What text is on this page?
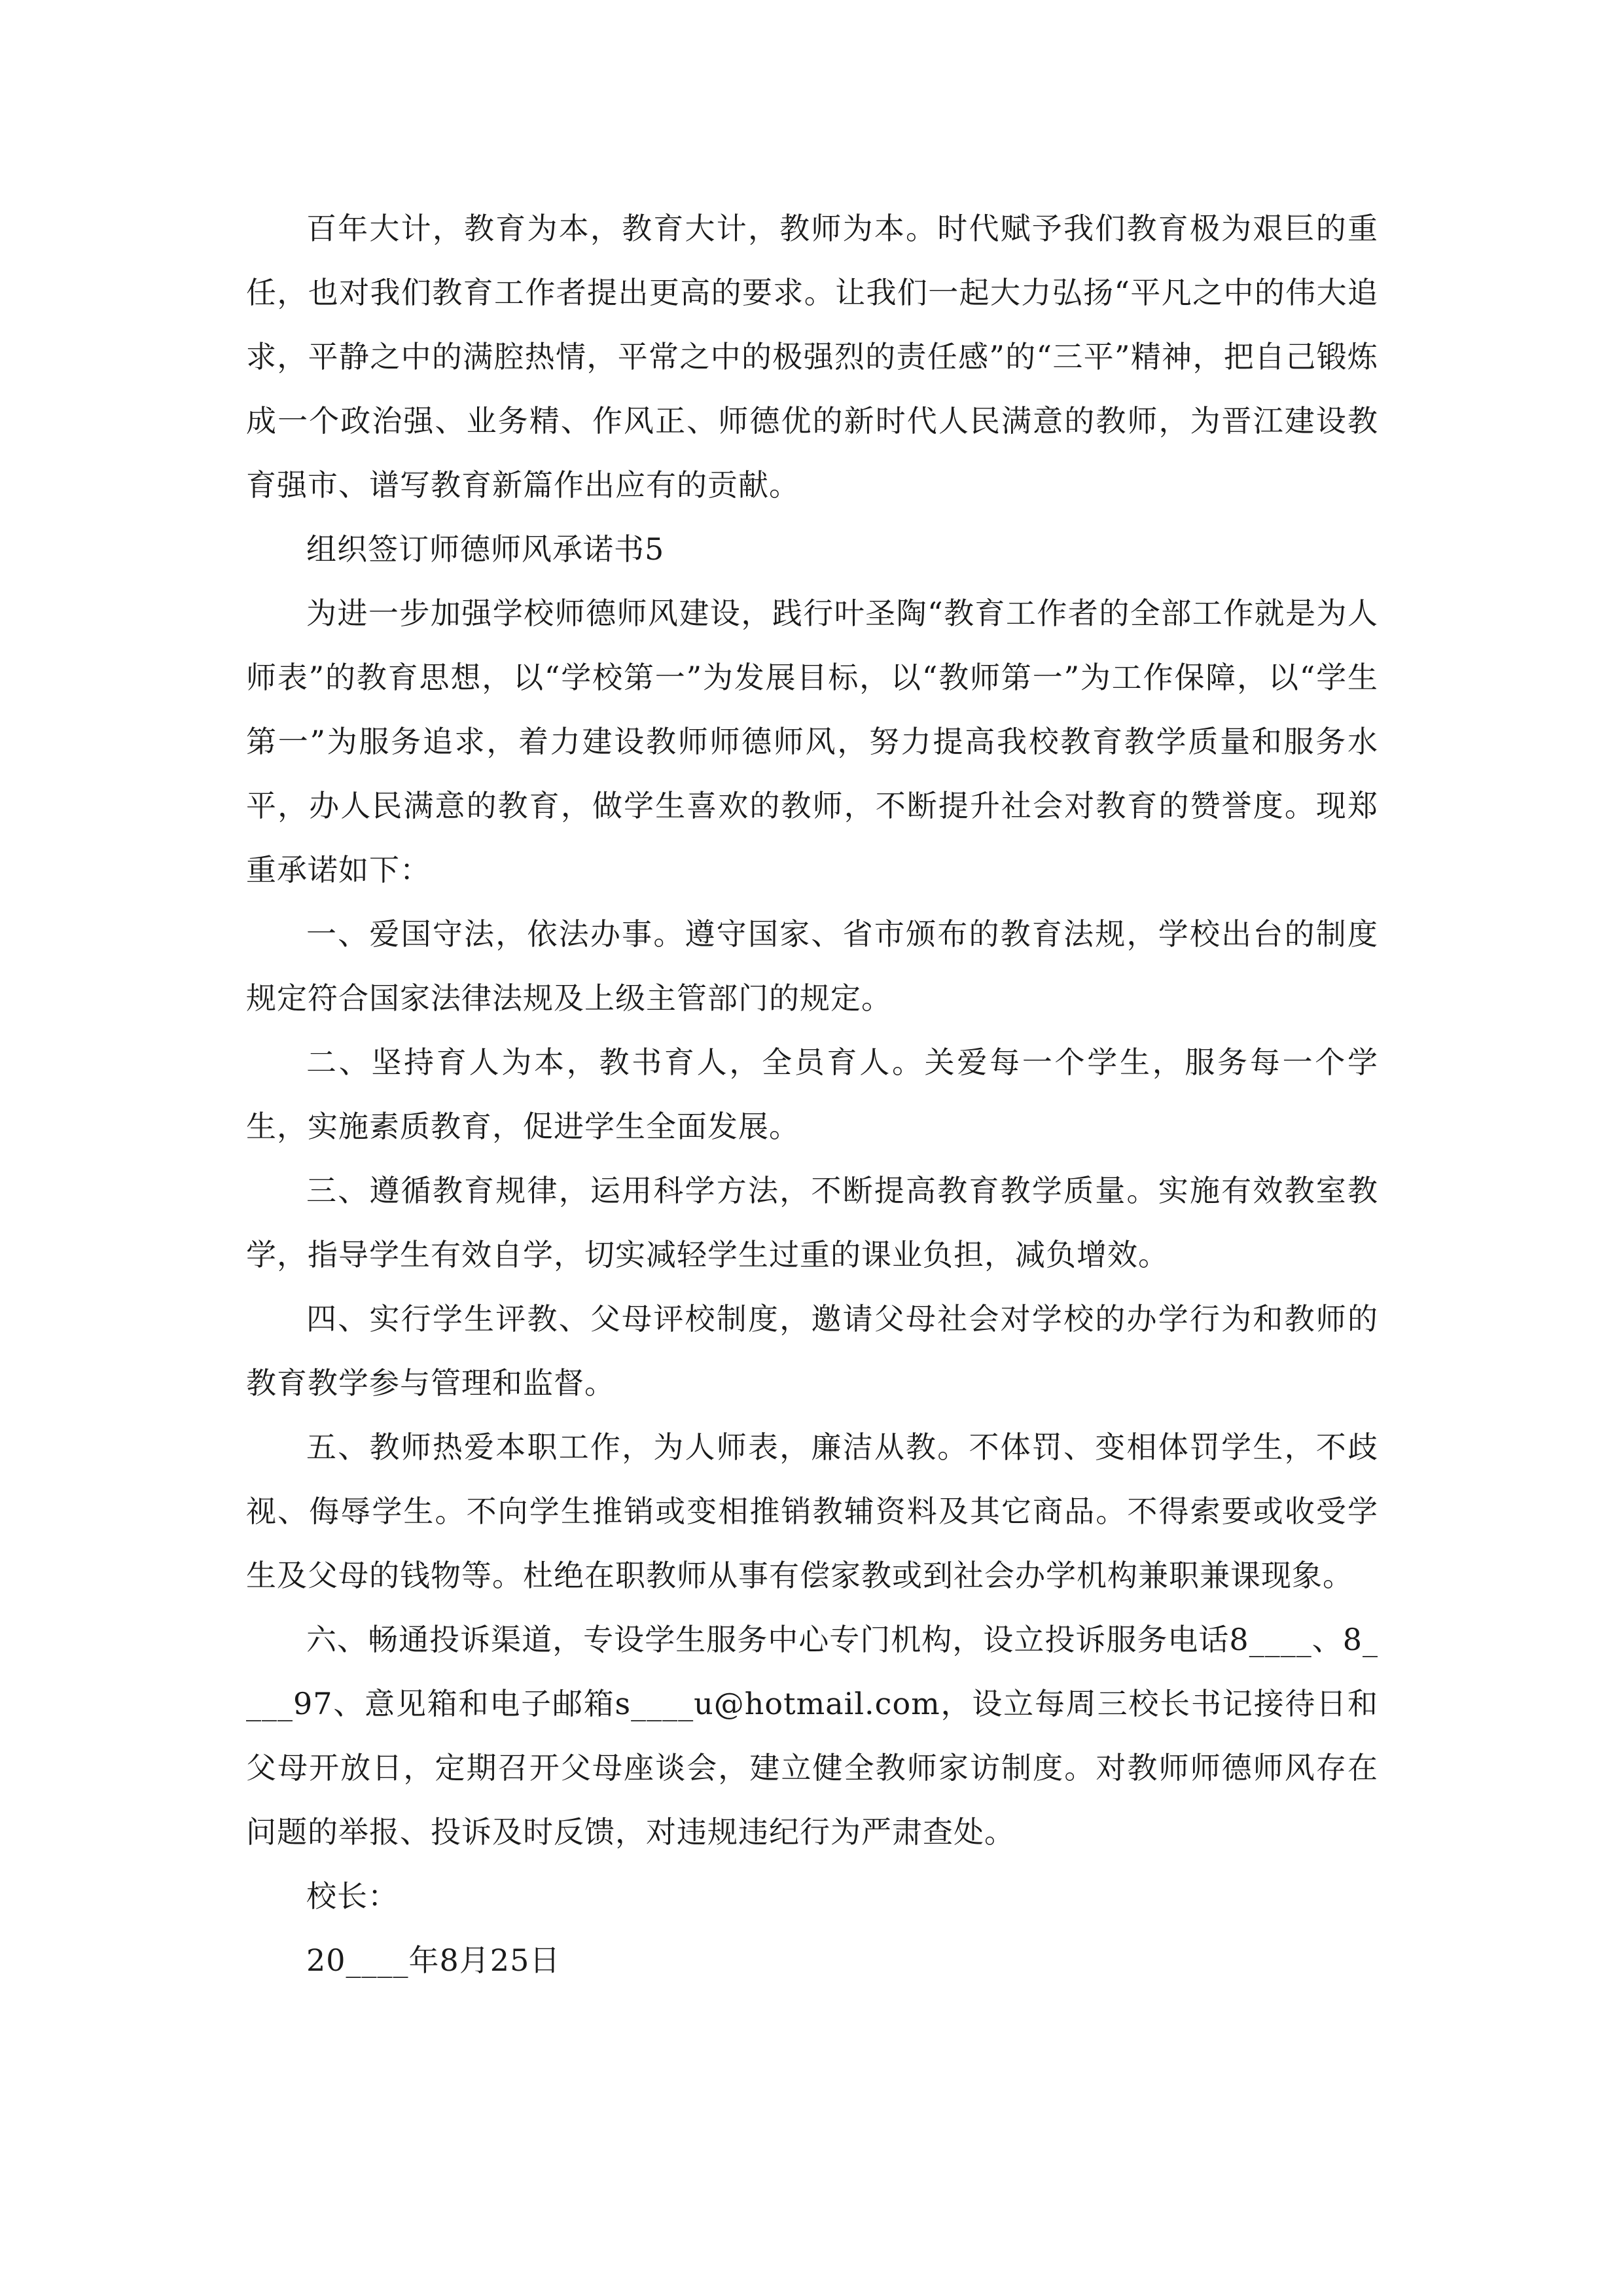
百年大计，教育为本，教育大计，教师为本。时代赋予我们教育极为艰巨的重任，也对我们教育工作者提出更高的要求。让我们一起大力弘扬“平凡之中的伟大追求，平静之中的满腔热情，平常之中的极强烈的责任感”的“三平”精神，把自己锻炼成一个政治强、业务精、作风正、师德优的新时代人民满意的教师，为晋江建设教育强市、谱写教育新篇作出应有的贡献。

组织签订师德师风承诺书5

为进一步加强学校师德师风建设，践行叶圣陶“教育工作者的全部工作就是为人师表”的教育思想，以“学校第一”为发展目标，以“教师第一”为工作保障，以“学生第一”为服务追求，着力建设教师师德师风，努力提高我校教育教学质量和服务水平，办人民满意的教育，做学生喜欢的教师，不断提升社会对教育的赞誉度。现郑重承诺如下：

一、爱国守法，依法办事。遵守国家、省市颁布的教育法规，学校出台的制度规定符合国家法律法规及上级主管部门的规定。

二、坚持育人为本，教书育人，全员育人。关爱每一个学生，服务每一个学生，实施素质教育，促进学生全面发展。

三、遵循教育规律，运用科学方法，不断提高教育教学质量。实施有效教室教学，指导学生有效自学，切实减轻学生过重的课业负担，减负增效。

四、实行学生评教、父母评校制度，邀请父母社会对学校的办学行为和教师的教育教学参与管理和监督。

五、教师热爱本职工作，为人师表，廉洁从教。不体罚、变相体罚学生，不歧视、侮辱学生。不向学生推销或变相推销教辅资料及其它商品。不得索要或收受学生及父母的钱物等。杜绝在职教师从事有偿家教或到社会办学机构兼职兼课现象。

六、畅通投诉渠道，专设学生服务中心专门机构，设立投诉服务电话8____、8____97、意见箱和电子邮箱s____u@hotmail.com，设立每周三校长书记接待日和父母开放日，定期召开父母座谈会，建立健全教师家访制度。对教师师德师风存在问题的举报、投诉及时反馈，对违规违纪行为严肃查处。

校长：

20____年8月25日
